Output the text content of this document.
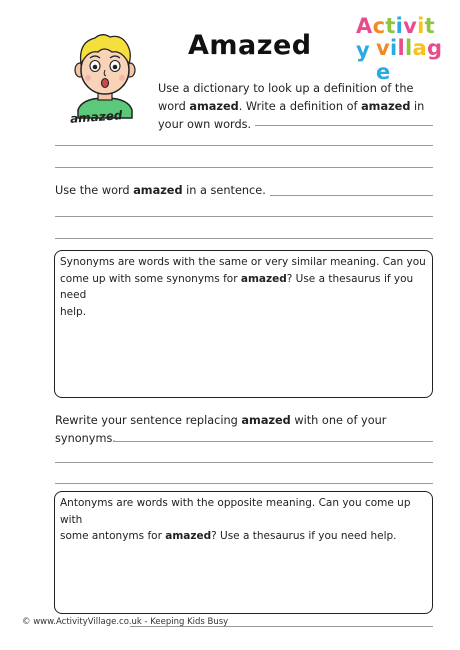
amazed
Amazed
Activity village
Use a dictionary to look up a definition of the
word amazed. Write a definition of amazed in
your own words.
Use the word amazed in a sentence.
Synonyms are words with the same or very similar meaning. Can you
come up with some synonyms for amazed? Use a thesaurus if you need
help.
Rewrite your sentence replacing amazed with one of your
synonyms.
Antonyms are words with the opposite meaning. Can you come up with
some antonyms for amazed? Use a thesaurus if you need help.
© www.ActivityVillage.co.uk - Keeping Kids Busy
